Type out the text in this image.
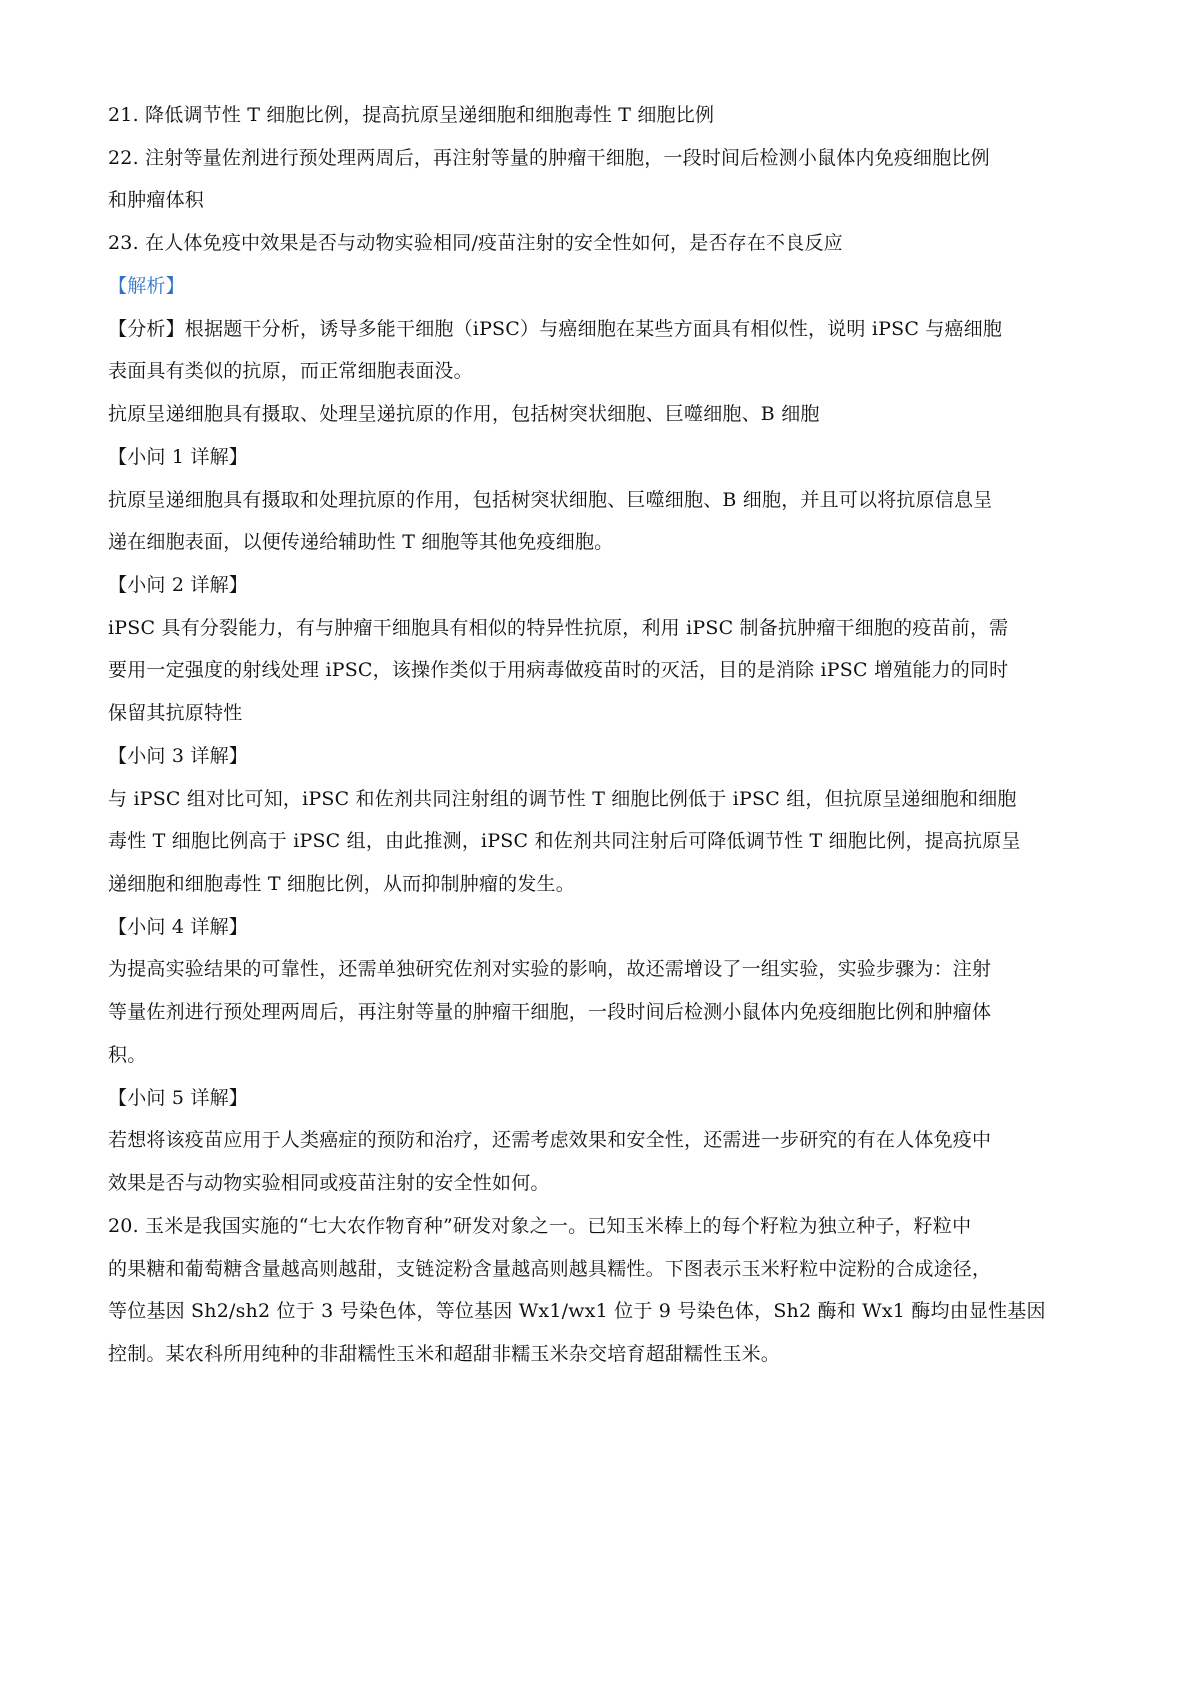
21. 降低调节性 T 细胞比例，提高抗原呈递细胞和细胞毒性 T 细胞比例
22. 注射等量佐剂进行预处理两周后，再注射等量的肿瘤干细胞，一段时间后检测小鼠体内免疫细胞比例
和肿瘤体积
23. 在人体免疫中效果是否与动物实验相同/疫苗注射的安全性如何，是否存在不良反应
【解析】
【分析】根据题干分析，诱导多能干细胞（iPSC）与癌细胞在某些方面具有相似性，说明 iPSC 与癌细胞
表面具有类似的抗原，而正常细胞表面没。
抗原呈递细胞具有摄取、处理呈递抗原的作用，包括树突状细胞、巨噬细胞、B 细胞
【小问 1 详解】
抗原呈递细胞具有摄取和处理抗原的作用，包括树突状细胞、巨噬细胞、B 细胞，并且可以将抗原信息呈
递在细胞表面，以便传递给辅助性 T 细胞等其他免疫细胞。
【小问 2 详解】
iPSC 具有分裂能力，有与肿瘤干细胞具有相似的特异性抗原，利用 iPSC 制备抗肿瘤干细胞的疫苗前，需
要用一定强度的射线处理 iPSC，该操作类似于用病毒做疫苗时的灭活，目的是消除 iPSC 增殖能力的同时
保留其抗原特性
【小问 3 详解】
与 iPSC 组对比可知，iPSC 和佐剂共同注射组的调节性 T 细胞比例低于 iPSC 组，但抗原呈递细胞和细胞
毒性 T 细胞比例高于 iPSC 组，由此推测，iPSC 和佐剂共同注射后可降低调节性 T 细胞比例，提高抗原呈
递细胞和细胞毒性 T 细胞比例，从而抑制肿瘤的发生。
【小问 4 详解】
为提高实验结果的可靠性，还需单独研究佐剂对实验的影响，故还需增设了一组实验，实验步骤为：注射
等量佐剂进行预处理两周后，再注射等量的肿瘤干细胞，一段时间后检测小鼠体内免疫细胞比例和肿瘤体
积。
【小问 5 详解】
若想将该疫苗应用于人类癌症的预防和治疗，还需考虑效果和安全性，还需进一步研究的有在人体免疫中
效果是否与动物实验相同或疫苗注射的安全性如何。
20. 玉米是我国实施的“七大农作物育种”研发对象之一。已知玉米棒上的每个籽粒为独立种子，籽粒中
的果糖和葡萄糖含量越高则越甜，支链淀粉含量越高则越具糯性。下图表示玉米籽粒中淀粉的合成途径，
等位基因 Sh2/sh2 位于 3 号染色体，等位基因 Wx1/wx1 位于 9 号染色体，Sh2 酶和 Wx1 酶均由显性基因
控制。某农科所用纯种的非甜糯性玉米和超甜非糯玉米杂交培育超甜糯性玉米。
